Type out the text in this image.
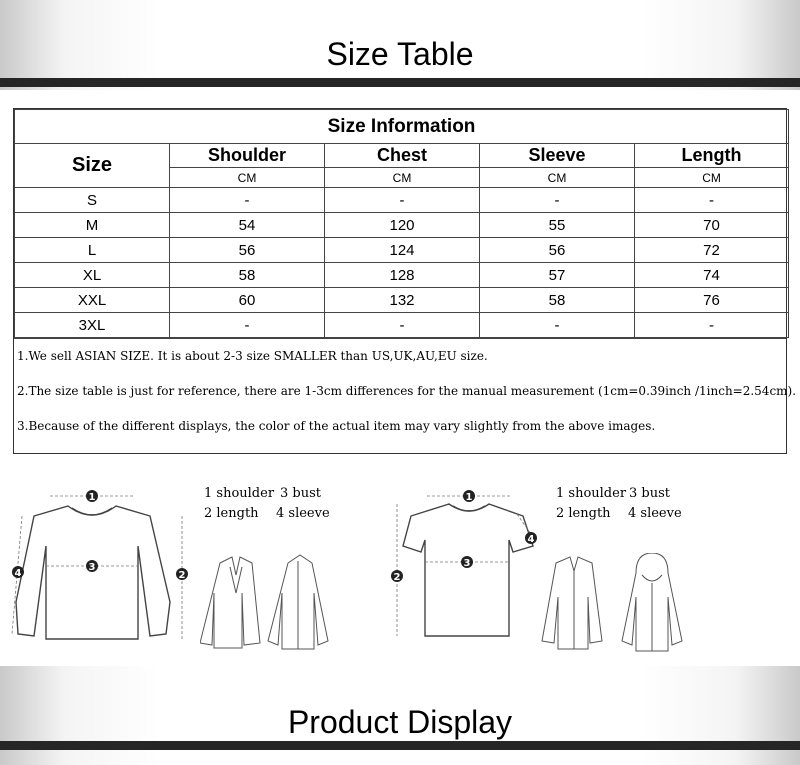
Size Table
Size Information				
Size	Shoulder	Chest	Sleeve	Length
	CM	CM	CM	CM
S	-	-	-	-
M	54	120	55	70
L	56	124	56	72
XL	58	128	57	74
XXL	60	132	58	76
3XL	-	-	-	-
1.We sell ASIAN SIZE. It is about 2-3 size SMALLER than US,UK,AU,EU size.
2.The size table is just for reference, there are 1-3cm differences for the manual measurement (1cm=0.39inch /1inch=2.54cm).
3.Because of the different displays, the color of the actual item may vary slightly from the above images.
1
2
3
4
1 shoulder 3 bust
2 length 4 sleeve
1
2
3
4
1 shoulder 3 bust
2 length 4 sleeve
Product Display
